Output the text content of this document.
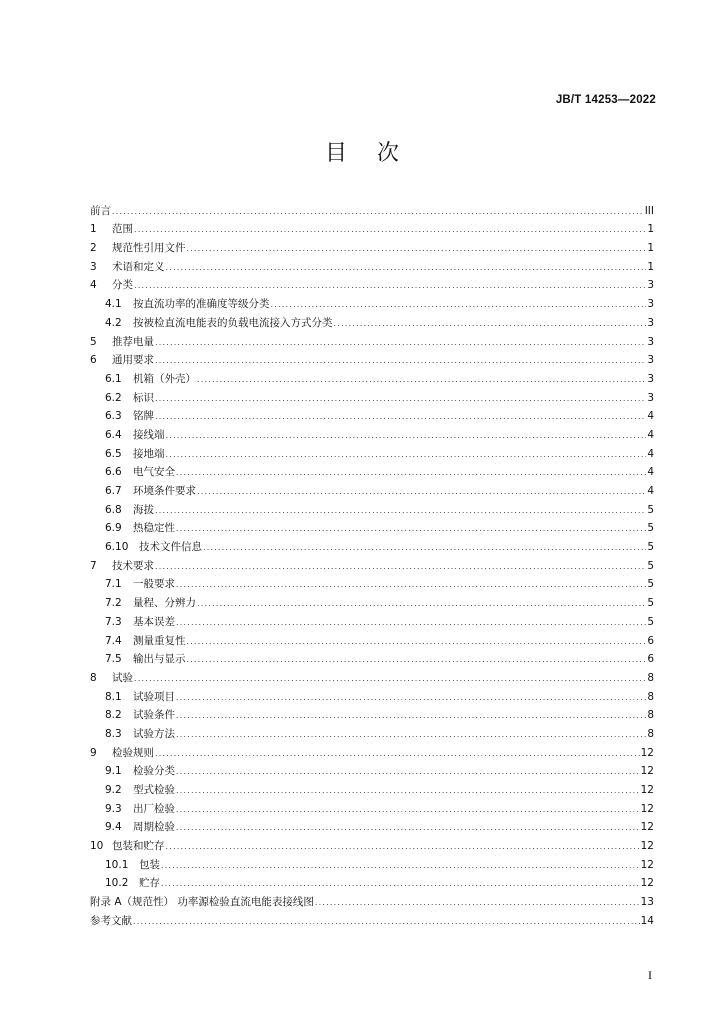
JB/T 14253—2022
目次
前言 .....	III
1	范围 .....	1
2	规范性引用文件 .....	1
3	术语和定义 .....	1
4	分类 .....	3
4.1	按直流功率的准确度等级分类 .....	3
4.2	按被检直流电能表的负载电流接入方式分类 .....	3
5	推荐电量 .....	3
6	通用要求 .....	3
6.1	机箱（外壳） .....	3
6.2	标识 .....	3
6.3	铭牌 .....	4
6.4	接线端 .....	4
6.5	接地端 .....	4
6.6	电气安全 .....	4
6.7	环境条件要求 .....	4
6.8	海拔 .....	5
6.9	热稳定性 .....	5
6.10	技术文件信息 .....	5
7	技术要求 .....	5
7.1	一般要求 .....	5
7.2	量程、分辨力 .....	5
7.3	基本误差 .....	5
7.4	测量重复性 .....	6
7.5	输出与显示 .....	6
8	试验 .....	8
8.1	试验项目 .....	8
8.2	试验条件 .....	8
8.3	试验方法 .....	8
9	检验规则 .....	12
9.1	检验分类 .....	12
9.2	型式检验 .....	12
9.3	出厂检验 .....	12
9.4	周期检验 .....	12
10 包装和贮存 .....	12
10.1	包装 .....	12
10.2	贮存 .....	12
附录 A（规范性） 功率源检验直流电能表接线图 .....	13
参考文献 .....	14
I
